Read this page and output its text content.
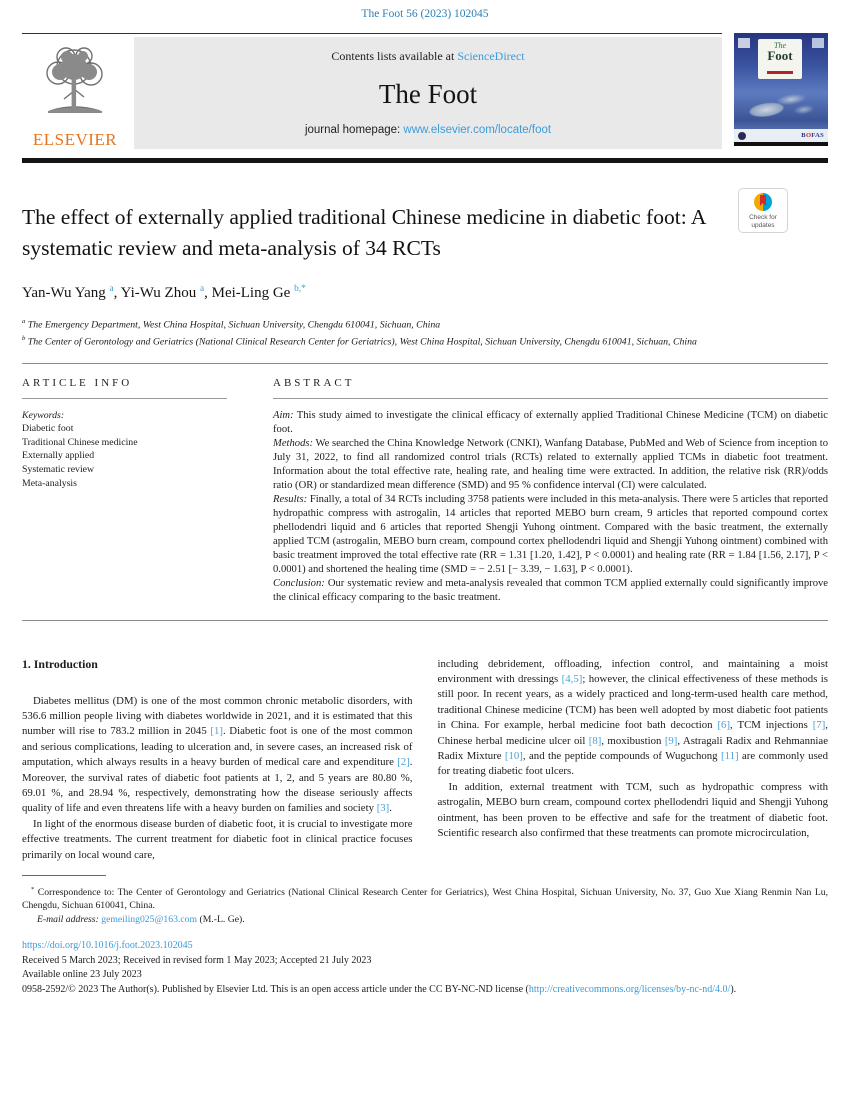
The Foot 56 (2023) 102045
ELSEVIER
Contents lists available at ScienceDirect
The Foot
journal homepage: www.elsevier.com/locate/foot
The
Foot
BOFAS
Check for
updates
The effect of externally applied traditional Chinese medicine in diabetic foot: A systematic review and meta-analysis of 34 RCTs
Yan-Wu Yang $^a$, Yi-Wu Zhou $^a$, Mei-Ling Ge $^{b,*}$
$^a$ The Emergency Department, West China Hospital, Sichuan University, Chengdu 610041, Sichuan, China
$^b$ The Center of Gerontology and Geriatrics (National Clinical Research Center for Geriatrics), West China Hospital, Sichuan University, Chengdu 610041, Sichuan, China
ARTICLE INFO
Keywords:
Diabetic foot
Traditional Chinese medicine
Externally applied
Systematic review
Meta-analysis
ABSTRACT

Aim: This study aimed to investigate the clinical efficacy of externally applied Traditional Chinese Medicine (TCM) on diabetic foot.

Methods: We searched the China Knowledge Network (CNKI), Wanfang Database, PubMed and Web of Science from inception to July 31, 2022, to find all randomized control trials (RCTs) related to externally applied TCMs in diabetic foot treatment. Information about the total effective rate, healing rate, and healing time were extracted. In addition, the relative risk (RR)/odds ratio (OR) or standardized mean difference (SMD) and 95 % confidence interval (CI) were calculated.

Results: Finally, a total of 34 RCTs including 3758 patients were included in this meta-analysis. There were 5 articles that reported hydropathic compress with astrogalin, 14 articles that reported MEBO burn cream, 9 articles that reported compound cortex phellodendri liquid and 6 articles that reported Shengji Yuhong ointment. Compared with the basic treatment, the externally applied TCM (astrogalin, MEBO burn cream, compound cortex phellodendri liquid and Shengji Yuhong ointment) combined with basic treatment improved the total effective rate (RR = 1.31 [1.20, 1.42], P < 0.0001) and healing rate (RR = 1.84 [1.56, 2.17], P < 0.0001) and shortened the healing time (SMD = − 2.51 [− 3.39, − 1.63], P < 0.0001).

Conclusion: Our systematic review and meta-analysis revealed that common TCM applied externally could significantly improve the clinical efficacy comparing to the basic treatment.

1. Introduction

Diabetes mellitus (DM) is one of the most common chronic metabolic disorders, with 536.6 million people living with diabetes worldwide in 2021, and it is estimated that this number will rise to 783.2 million in 2045 [1]. Diabetic foot is one of the most common and serious complications, leading to ulceration and, in severe cases, an increased risk of amputation, which always results in a heavy burden of medical care and expenditure [2]. Moreover, the survival rates of diabetic foot patients at 1, 2, and 5 years are 80.80 %, 69.01 %, and 28.94 %, respectively, demonstrating how the disease seriously affects quality of life and even threatens life with a heavy burden on families and society [3].

In light of the enormous disease burden of diabetic foot, it is crucial to investigate more effective treatments. The current treatment for diabetic foot in clinical practice focuses primarily on local wound care,

including debridement, offloading, infection control, and maintaining a moist environment with dressings [4,5]; however, the clinical effectiveness of these methods is still poor. In recent years, as a widely practiced and long-term-used health care method, traditional Chinese medicine (TCM) has been well adopted by most diabetic foot patients in China. For example, herbal medicine foot bath decoction [6], TCM injections [7], Chinese herbal medicine ulcer oil [8], moxibustion [9], Astragali Radix and Rehmanniae Radix Mixture [10], and the peptide compounds of Wuguchong [11] are commonly used for treating diabetic foot ulcers.

In addition, external treatment with TCM, such as hydropathic compress with astrogalin, MEBO burn cream, compound cortex phellodendri liquid and Shengji Yuhong ointment, has been proven to be effective and safe for the treatment of diabetic foot. Scientific research also confirmed that these treatments can promote microcirculation,

* Correspondence to: The Center of Gerontology and Geriatrics (National Clinical Research Center for Geriatrics), West China Hospital, Sichuan University, No. 37, Guo Xue Xiang Renmin Nan Lu, Chengdu, Sichuan 610041, China.
E-mail address: gemeiling025@163.com (M.-L. Ge).
https://doi.org/10.1016/j.foot.2023.102045
Received 5 March 2023; Received in revised form 1 May 2023; Accepted 21 July 2023
Available online 23 July 2023
0958-2592/© 2023 The Author(s). Published by Elsevier Ltd. This is an open access article under the CC BY-NC-ND license (http://creativecommons.org/licenses/by-nc-nd/4.0/).
